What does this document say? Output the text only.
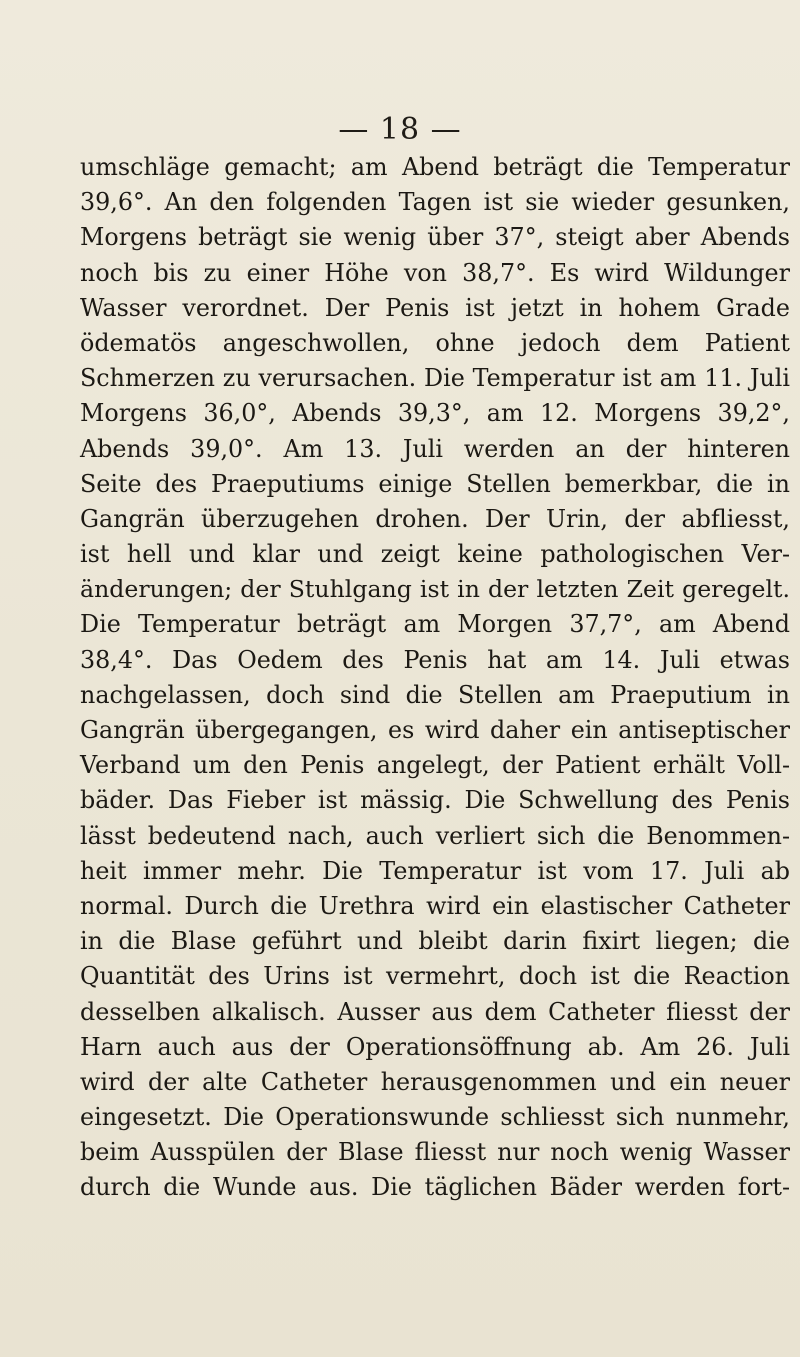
— 18 —
umschläge gemacht; am Abend beträgt die Temperatur
39,6°. An den folgenden Tagen ist sie wieder gesunken,
Morgens beträgt sie wenig über 37°, steigt aber Abends
noch bis zu einer Höhe von 38,7°. Es wird Wildunger
Wasser verordnet. Der Penis ist jetzt in hohem Grade
ödematös angeschwollen, ohne jedoch dem Patient
Schmerzen zu verursachen. Die Temperatur ist am 11. Juli
Morgens 36,0°, Abends 39,3°, am 12. Morgens 39,2°,
Abends 39,0°. Am 13. Juli werden an der hinteren
Seite des Praeputiums einige Stellen bemerkbar, die in
Gangrän überzugehen drohen. Der Urin, der abfliesst,
ist hell und klar und zeigt keine pathologischen Ver-
änderungen; der Stuhlgang ist in der letzten Zeit geregelt.
Die Temperatur beträgt am Morgen 37,7°, am Abend
38,4°. Das Oedem des Penis hat am 14. Juli etwas
nachgelassen, doch sind die Stellen am Praeputium in
Gangrän übergegangen, es wird daher ein antiseptischer
Verband um den Penis angelegt, der Patient erhält Voll-
bäder. Das Fieber ist mässig. Die Schwellung des Penis
lässt bedeutend nach, auch verliert sich die Benommen-
heit immer mehr. Die Temperatur ist vom 17. Juli ab
normal. Durch die Urethra wird ein elastischer Catheter
in die Blase geführt und bleibt darin fixirt liegen; die
Quantität des Urins ist vermehrt, doch ist die Reaction
desselben alkalisch. Ausser aus dem Catheter fliesst der
Harn auch aus der Operationsöffnung ab. Am 26. Juli
wird der alte Catheter herausgenommen und ein neuer
eingesetzt. Die Operationswunde schliesst sich nunmehr,
beim Ausspülen der Blase fliesst nur noch wenig Wasser
durch die Wunde aus. Die täglichen Bäder werden fort-
